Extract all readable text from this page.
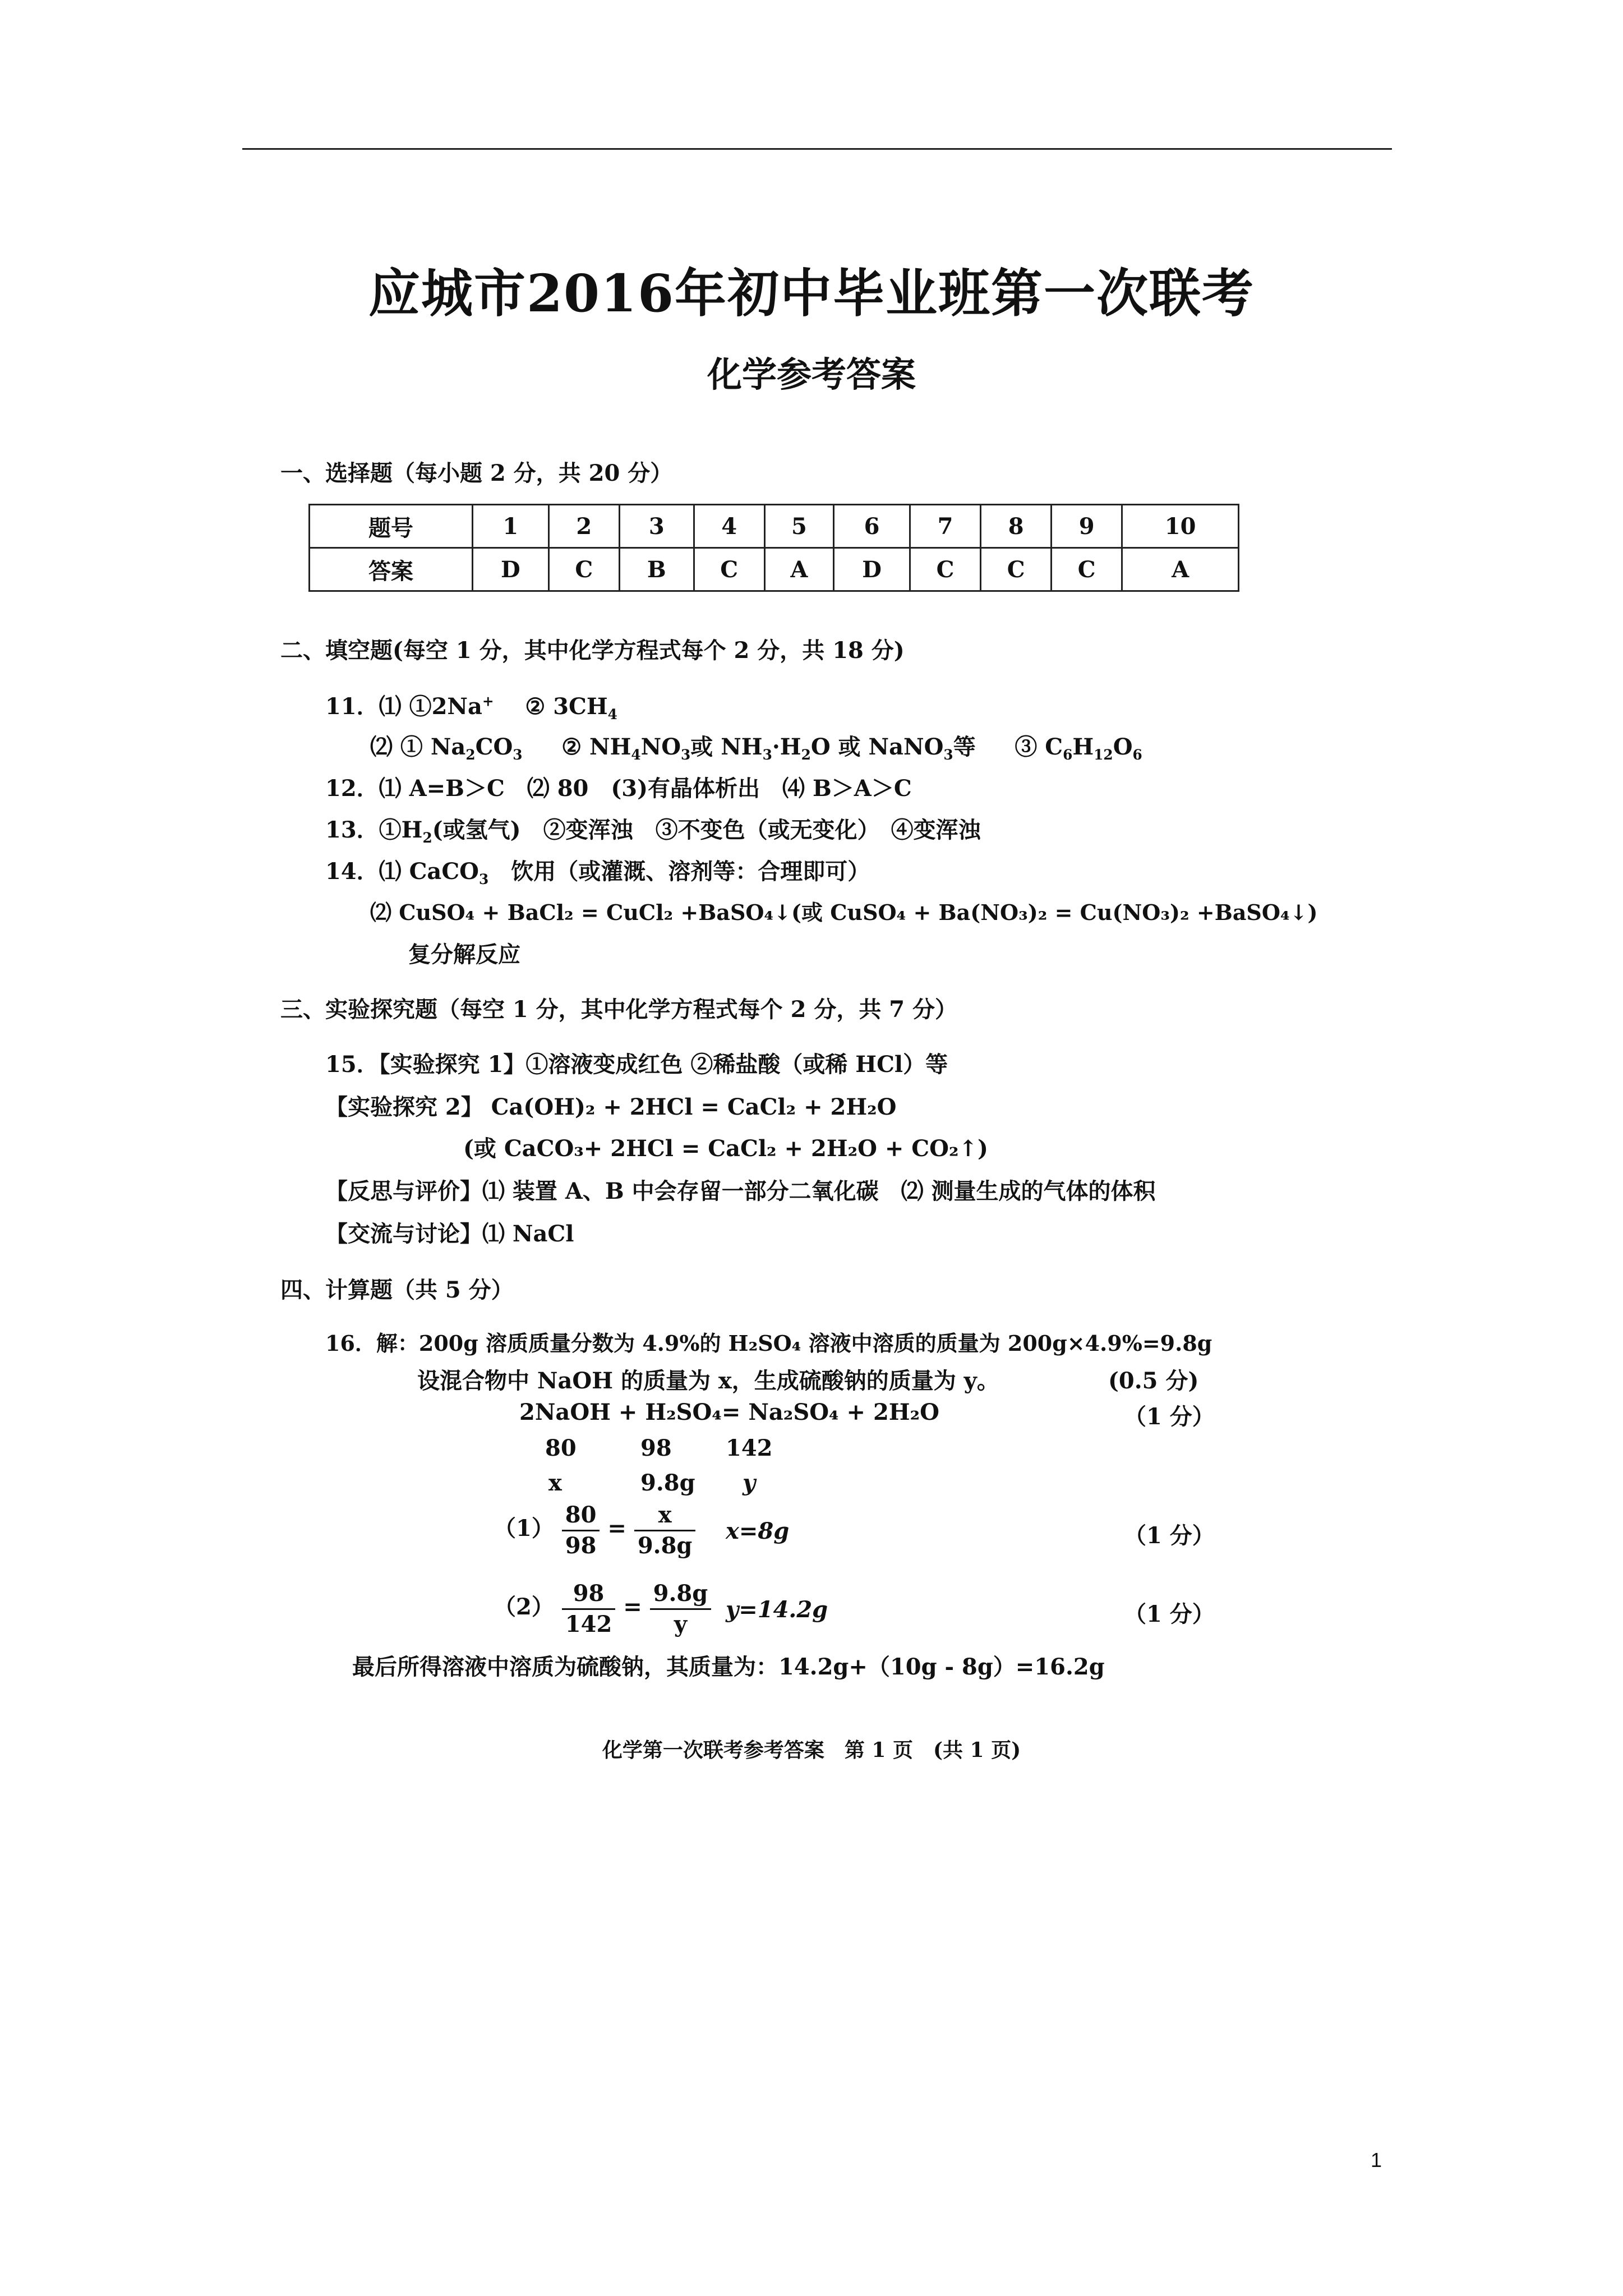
应城市2016年初中毕业班第一次联考
化学参考答案
一、选择题（每小题 2 分，共 20 分）
题号	1	2	3	4	5	6	7	8	9	10
答案	D	C	B	C	A	D	C	C	C	A
二、填空题(每空 1 分，其中化学方程式每个 2 分，共 18 分)
11．⑴ ①2Na+ ② $3CH_4$
⑵ ① $Na_2CO_3$ ② $NH_4NO_3$或 $NH_3\cdot H_2O$ 或 NaNO$_3$等 ③ $C_6H_{12}O_6$
12．⑴ A=B＞C　⑵ 80　(3)有晶体析出　⑷ B＞A＞C
13．$①H_2$(或氢气)　②变浑浊　③不变色（或无变化）　④变浑浊
14．⑴ CaCO$_3$　饮用（或灌溉、溶剂等：合理即可）
⑵ CuSO₄ + BaCl₂ = CuCl₂ +BaSO₄↓(或 CuSO₄ + Ba(NO₃)₂ = Cu(NO₃)₂ +BaSO₄↓)
复分解反应
三、实验探究题（每空 1 分，其中化学方程式每个 2 分，共 7 分）
15．【实验探究 1】①溶液变成红色 ②稀盐酸（或稀 HCl）等
【实验探究 2】 Ca(OH)₂ + 2HCl = CaCl₂ + 2H₂O
(或 CaCO₃+ 2HCl = CaCl₂ + 2H₂O + CO₂↑)
【反思与评价】⑴ 装置 A、B 中会存留一部分二氧化碳　⑵ 测量生成的气体的体积
【交流与讨论】⑴ NaCl
四、计算题（共 5 分）
16．解：200g 溶质质量分数为 4.9%的 H₂SO₄ 溶液中溶质的质量为 200g×4.9%=9.8g
设混合物中 NaOH 的质量为 x，生成硫酸钠的质量为 y。	(0.5 分)
2NaOH + H₂SO₄= Na₂SO₄ + 2H₂O	（1 分）
80	98 142
x	9.8g y
$(1) \frac{80}{98} = \frac{x}{9.8g} x=8g$	（1 分）
$(2) \frac{98}{142} = \frac{9.8g}{y} y=14.2g$	（1 分）
最后所得溶液中溶质为硫酸钠，其质量为：14.2g+（10g - 8g）=16.2g
化学第一次联考参考答案　第 1 页　(共 1 页)
1
